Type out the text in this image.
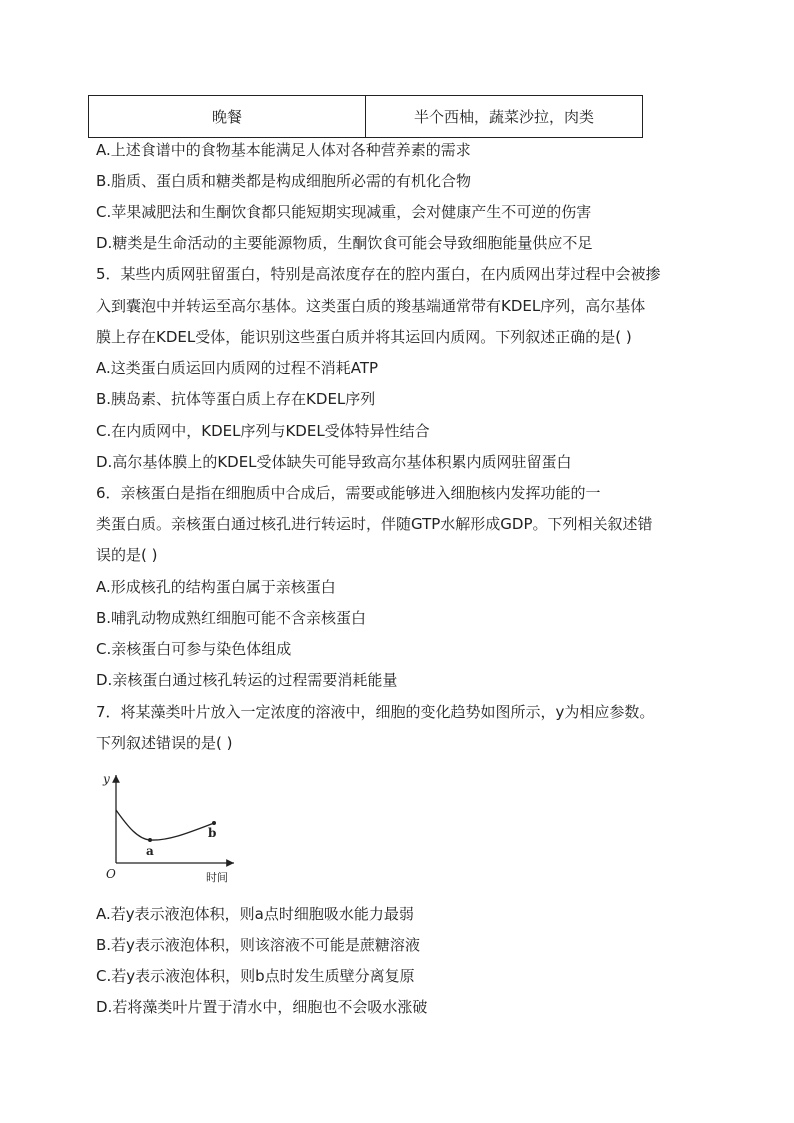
晚餐	半个西柚，蔬菜沙拉，肉类
A.上述食谱中的食物基本能满足人体对各种营养素的需求
B.脂质、蛋白质和糖类都是构成细胞所必需的有机化合物
C.苹果减肥法和生酮饮食都只能短期实现减重，会对健康产生不可逆的伤害
D.糖类是生命活动的主要能源物质，生酮饮食可能会导致细胞能量供应不足
5．某些内质网驻留蛋白，特别是高浓度存在的腔内蛋白，在内质网出芽过程中会被掺
入到囊泡中并转运至高尔基体。这类蛋白质的羧基端通常带有KDEL序列，高尔基体
膜上存在KDEL受体，能识别这些蛋白质并将其运回内质网。下列叙述正确的是( )
A.这类蛋白质运回内质网的过程不消耗ATP
B.胰岛素、抗体等蛋白质上存在KDEL序列
C.在内质网中，KDEL序列与KDEL受体特异性结合
D.高尔基体膜上的KDEL受体缺失可能导致高尔基体积累内质网驻留蛋白
6．亲核蛋白是指在细胞质中合成后，需要或能够进入细胞核内发挥功能的一
类蛋白质。亲核蛋白通过核孔进行转运时，伴随GTP水解形成GDP。下列相关叙述错
误的是( )
A.形成核孔的结构蛋白属于亲核蛋白
B.哺乳动物成熟红细胞可能不含亲核蛋白
C.亲核蛋白可参与染色体组成
D.亲核蛋白通过核孔转运的过程需要消耗能量
7．将某藻类叶片放入一定浓度的溶液中，细胞的变化趋势如图所示，y为相应参数。
下列叙述错误的是( )
y
O	时间
a
b
A.若y表示液泡体积，则a点时细胞吸水能力最弱
B.若y表示液泡体积，则该溶液不可能是蔗糖溶液
C.若y表示液泡体积，则b点时发生质壁分离复原
D.若将藻类叶片置于清水中，细胞也不会吸水涨破
